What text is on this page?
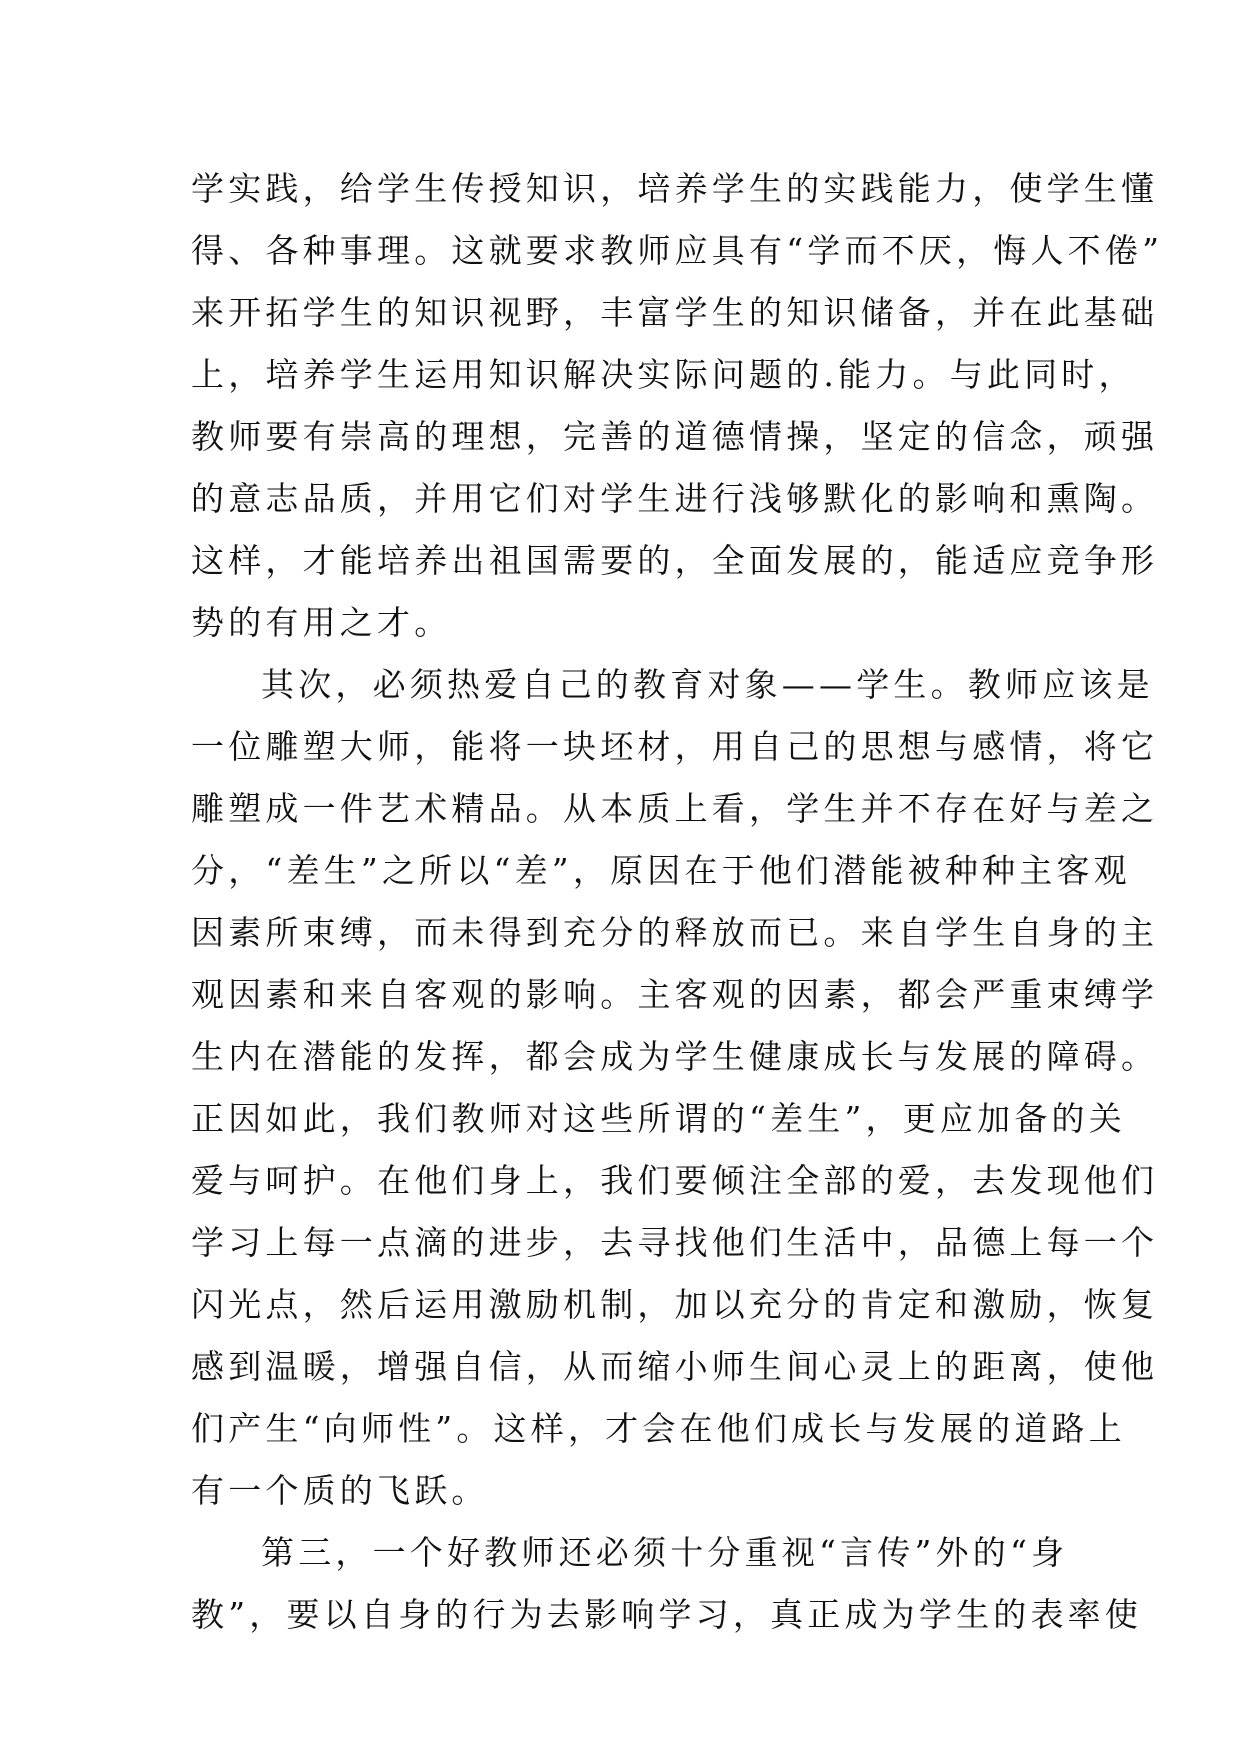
学实践，给学生传授知识，培养学生的实践能力，使学生懂
得、各种事理。这就要求教师应具有“学而不厌，悔人不倦”
来开拓学生的知识视野，丰富学生的知识储备，并在此基础
上，培养学生运用知识解决实际问题的.能力。与此同时，
教师要有崇高的理想，完善的道德情操，坚定的信念，顽强
的意志品质，并用它们对学生进行浅够默化的影响和熏陶。
这样，才能培养出祖国需要的，全面发展的，能适应竞争形
势的有用之才。
其次，必须热爱自己的教育对象——学生。教师应该是
一位雕塑大师，能将一块坯材，用自己的思想与感情，将它
雕塑成一件艺术精品。从本质上看，学生并不存在好与差之
分，“差生”之所以“差”，原因在于他们潜能被种种主客观
因素所束缚，而未得到充分的释放而已。来自学生自身的主
观因素和来自客观的影响。主客观的因素，都会严重束缚学
生内在潜能的发挥，都会成为学生健康成长与发展的障碍。
正因如此，我们教师对这些所谓的“差生”，更应加备的关
爱与呵护。在他们身上，我们要倾注全部的爱，去发现他们
学习上每一点滴的进步，去寻找他们生活中，品德上每一个
闪光点，然后运用激励机制，加以充分的肯定和激励，恢复
感到温暖，增强自信，从而缩小师生间心灵上的距离，使他
们产生“向师性”。这样，才会在他们成长与发展的道路上
有一个质的飞跃。
第三，一个好教师还必须十分重视“言传”外的“身
教”，要以自身的行为去影响学习，真正成为学生的表率使
